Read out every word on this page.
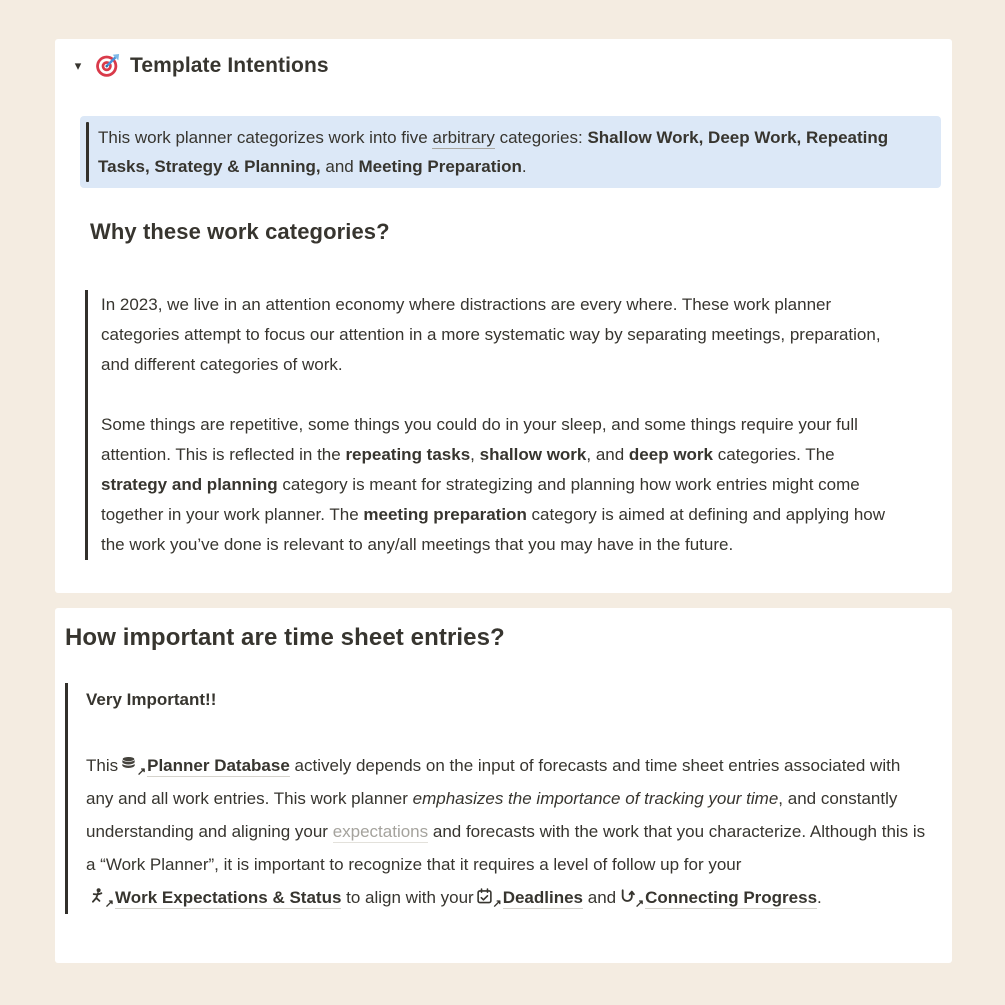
▾	Template Intentions

This work planner categorizes work into five arbitrary categories: Shallow Work, Deep Work, Repeating Tasks, Strategy & Planning, and Meeting Preparation.

Why these work categories?

In 2023, we live in an attention economy where distractions are every where. These work planner categories attempt to focus our attention in a more systematic way by separating meetings, preparation, and different categories of work.

Some things are repetitive, some things you could do in your sleep, and some things require your full attention. This is reflected in the repeating tasks, shallow work, and deep work categories. The strategy and planning category is meant for strategizing and planning how work entries might come together in your work planner. The meeting preparation category is aimed at defining and applying how the work you’ve done is relevant to any/all meetings that you may have in the future.

How important are time sheet entries?

Very Important!!

This ↗ Planner Database actively depends on the input of forecasts and time sheet entries associated with any and all work entries. This work planner emphasizes the importance of tracking your time, and constantly understanding and aligning your expectations and forecasts with the work that you characterize. Although this is a “Work Planner”, it is important to recognize that it requires a level of follow up for your
↗ Work Expectations & Status to align with your ↗ Deadlines and ↗ Connecting Progress.
